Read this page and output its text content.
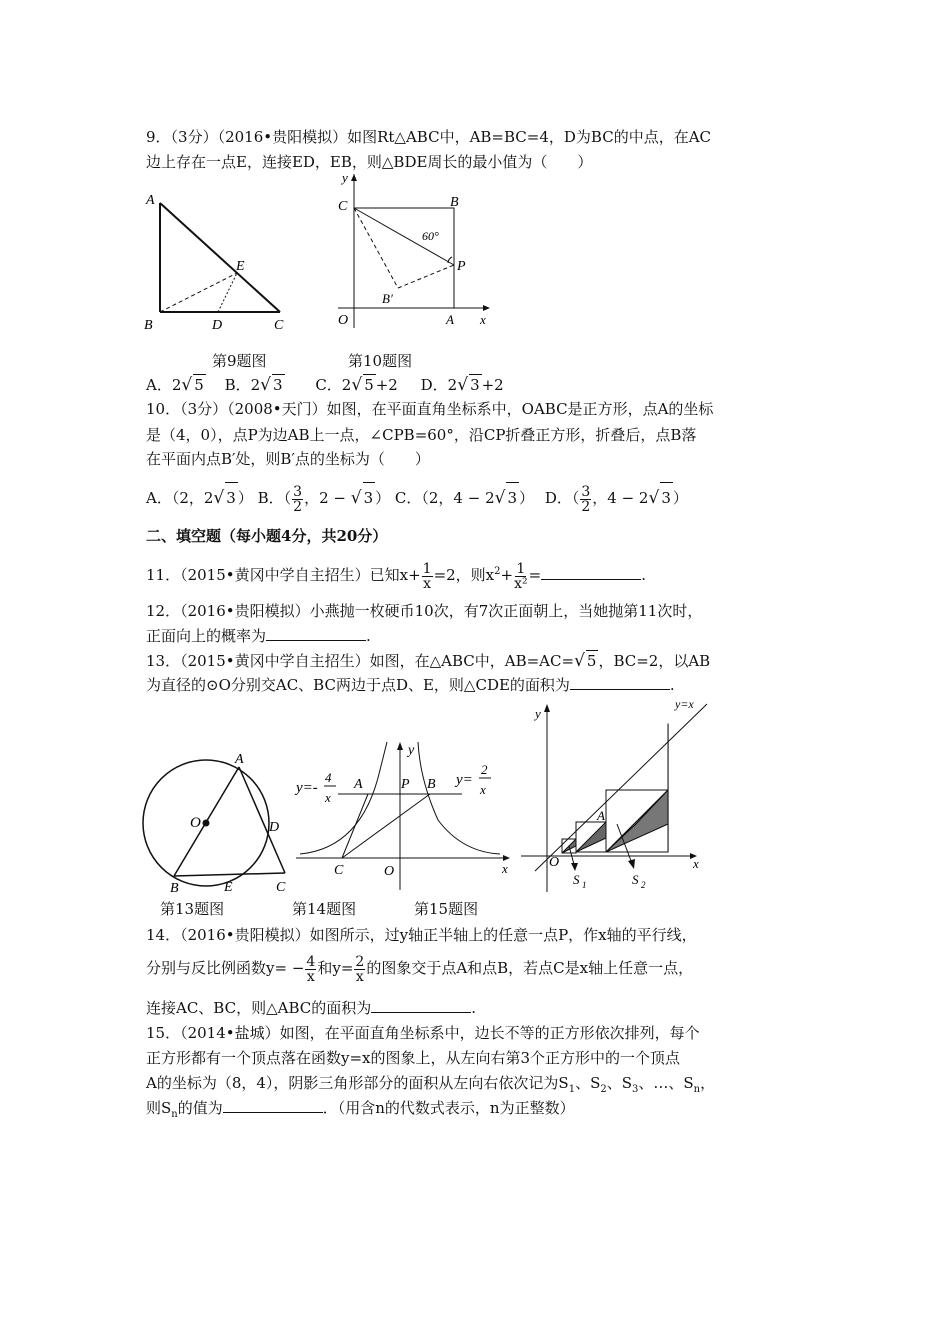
9．（3分）（2016•贵阳模拟）如图Rt△ABC中，AB=BC=4，D为BC的中点，在AC
边上存在一点E，连接ED，EB，则△BDE周长的最小值为（　　）
A
B	C
D
E
y
C	B
60°
P
B′
O	A x
第9题图	第10题图
A．2√ 5 B．2√ 3 C．2√ 5 +2 D．2√ 3 +2
10．（3分）（2008•天门）如图，在平面直角坐标系中，OABC是正方形，点A的坐标
是（4，0），点P为边AB上一点，∠CPB=60°，沿CP折叠正方形，折叠后，点B落
在平面内点B′处，则B′点的坐标为（　　）
A．（2，2√ 3 ） B．（ $\frac{3}{2}$ ，2 − √ 3 ） C．（2，4 − 2√ 3 ） D．（ $\frac{3}{2}$ ，4 − 2√ 3 ）
二、填空题（每小题4分，共20分）
11．（2015•黄冈中学自主招生）已知$x+ \frac{1}{x} =2$，则$x^2+ \frac{1}{\text{x²}}$ =	.
12．（2016•贵阳模拟）小燕抛一枚硬币10次，有7次正面朝上，当她抛第11次时，
正面向上的概率为	.
13．（2015•黄冈中学自主招生）如图，在△ABC中，AB=AC=√ 5 ，BC=2，以AB
为直径的⊙O分别交AC、BC两边于点D、E，则△CDE的面积为	.
A
O	D
B	E	C
y
y=-
4
x
A	P B y=
2
x
C	O	x
y
y=x
A
O	x
S 1	S 2
第13题图	第14题图	第15题图
14．（2016•贵阳模拟）如图所示，过y轴正半轴上的任意一点P，作x轴的平行线，
分别与反比例函数$y= - \frac{4}{x}$ 和$y= \frac{2}{x}$ 的图象交于点A和点B，若点C是x轴上任意一点，
连接AC、BC，则△ABC的面积为	.
15．（2014•盐城）如图，在平面直角坐标系中，边长不等的正方形依次排列，每个
正方形都有一个顶点落在函数y=x的图象上，从左向右第3个正方形中的一个顶点
A的坐标为（8，4），阴影三角形部分的面积从左向右依次记为$S_1$、$S_2$、$S_3$、…、$S_n$，
则$S_n$的值为	．（用含n的代数式表示，n为正整数）
